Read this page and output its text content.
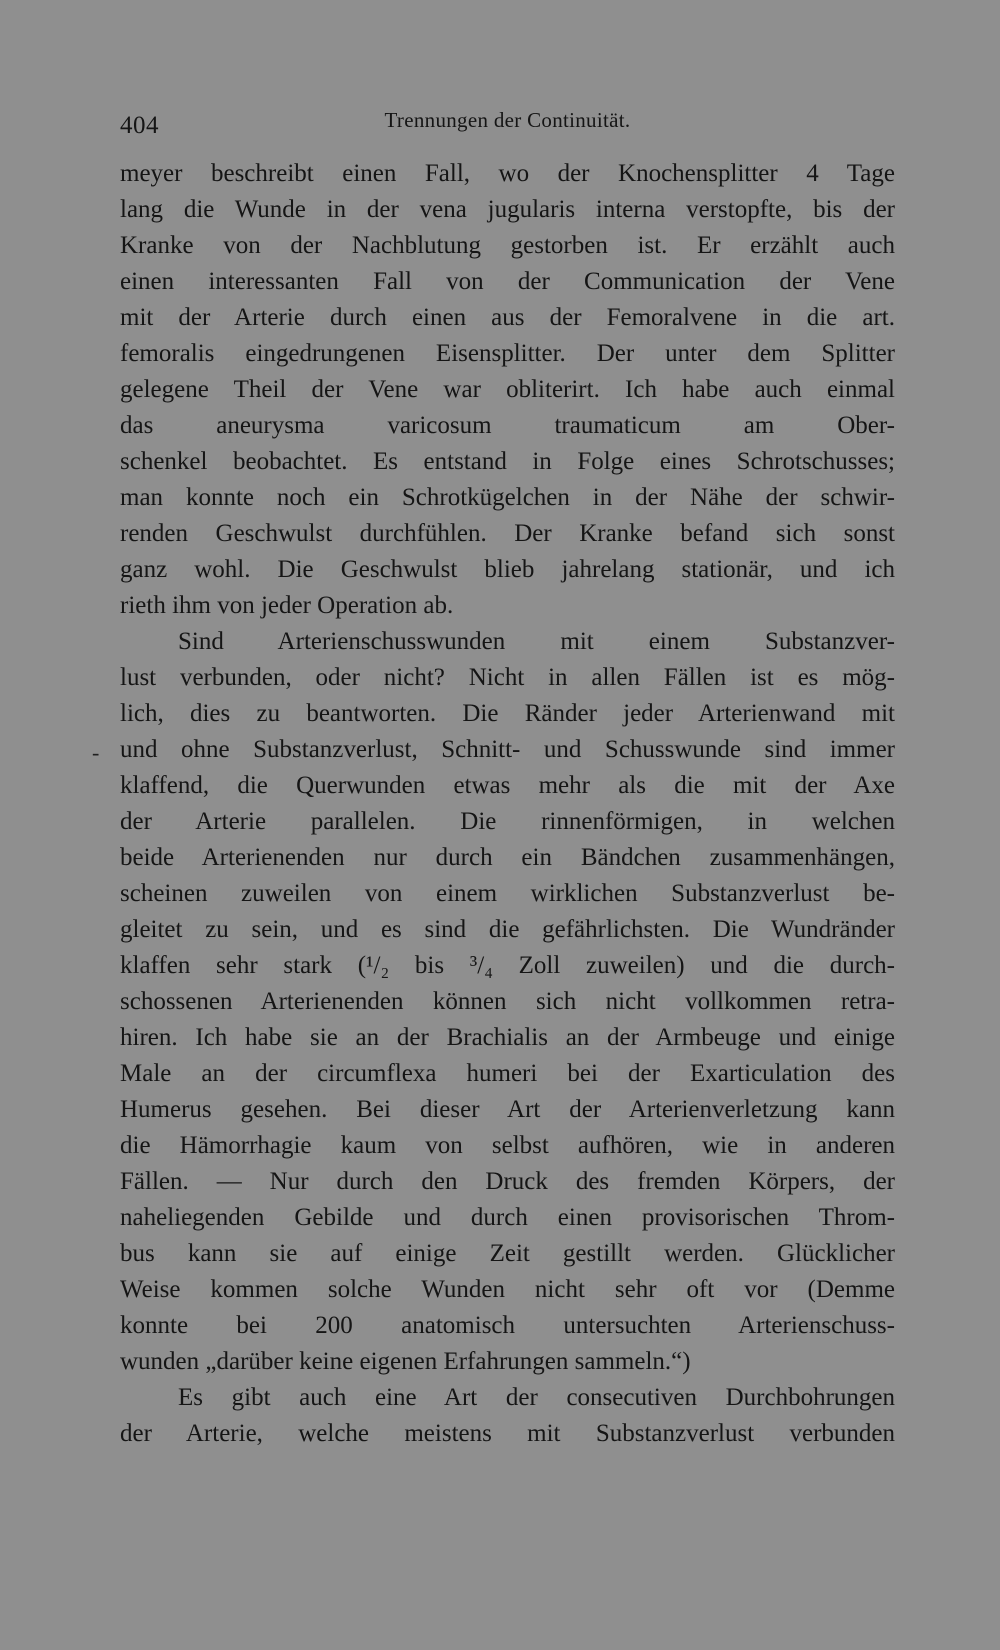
404	Trennungen der Continuität.
-
meyer beschreibt einen Fall, wo der Knochensplitter 4 Tage
lang die Wunde in der vena jugularis interna verstopfte, bis der
Kranke von der Nachblutung gestorben ist. Er erzählt auch
einen interessanten Fall von der Communication der Vene
mit der Arterie durch einen aus der Femoralvene in die art.
femoralis eingedrungenen Eisensplitter. Der unter dem Splitter
gelegene Theil der Vene war obliterirt. Ich habe auch einmal
das aneurysma varicosum traumaticum am Ober-
schenkel beobachtet. Es entstand in Folge eines Schrotschusses;
man konnte noch ein Schrotkügelchen in der Nähe der schwir-
renden Geschwulst durchfühlen. Der Kranke befand sich sonst
ganz wohl. Die Geschwulst blieb jahrelang stationär, und ich
rieth ihm von jeder Operation ab.
Sind Arterienschusswunden mit einem Substanzver-
lust verbunden, oder nicht? Nicht in allen Fällen ist es mög-
lich, dies zu beantworten. Die Ränder jeder Arterienwand mit
und ohne Substanzverlust, Schnitt- und Schusswunde sind immer
klaffend, die Querwunden etwas mehr als die mit der Axe
der Arterie parallelen. Die rinnenförmigen, in welchen
beide Arterienenden nur durch ein Bändchen zusammenhängen,
scheinen zuweilen von einem wirklichen Substanzverlust be-
gleitet zu sein, und es sind die gefährlichsten. Die Wundränder
klaffen sehr stark (¹/₂ bis ³/₄ Zoll zuweilen) und die durch-
schossenen Arterienenden können sich nicht vollkommen retra-
hiren. Ich habe sie an der Brachialis an der Armbeuge und einige
Male an der circumflexa humeri bei der Exarticulation des
Humerus gesehen. Bei dieser Art der Arterienverletzung kann
die Hämorrhagie kaum von selbst aufhören, wie in anderen
Fällen. — Nur durch den Druck des fremden Körpers, der
naheliegenden Gebilde und durch einen provisorischen Throm-
bus kann sie auf einige Zeit gestillt werden. Glücklicher
Weise kommen solche Wunden nicht sehr oft vor (Demme
konnte bei 200 anatomisch untersuchten Arterienschuss-
wunden „darüber keine eigenen Erfahrungen sammeln.“)
Es gibt auch eine Art der consecutiven Durchbohrungen
der Arterie, welche meistens mit Substanzverlust verbunden
